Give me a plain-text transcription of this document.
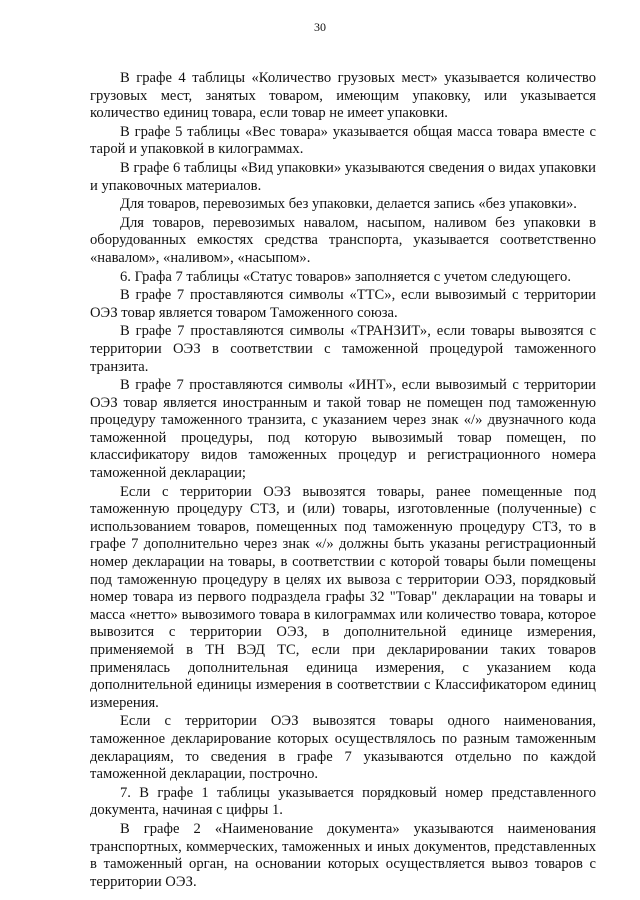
30

В графе 4 таблицы «Количество грузовых мест» указывается количество грузовых мест, занятых товаром, имеющим упаковку, или указывается количество единиц товара, если товар не имеет упаковки.

В графе 5 таблицы «Вес товара» указывается общая масса товара вместе с тарой и упаковкой в килограммах.

В графе 6 таблицы «Вид упаковки» указываются сведения о видах упаковки и упаковочных материалов.

Для товаров, перевозимых без упаковки, делается запись «без упаковки».

Для товаров, перевозимых навалом, насыпом, наливом без упаковки в оборудованных емкостях средства транспорта, указывается соответственно «навалом», «наливом», «насыпом».

6. Графа 7 таблицы «Статус товаров» заполняется с учетом следующего.

В графе 7 проставляются символы «ТТС», если вывозимый с территории ОЭЗ товар является товаром Таможенного союза.

В графе 7 проставляются символы «ТРАНЗИТ», если товары вывозятся с территории ОЭЗ в соответствии с таможенной процедурой таможенного транзита.

В графе 7 проставляются символы «ИНТ», если вывозимый с территории ОЭЗ товар является иностранным и такой товар не помещен под таможенную процедуру таможенного транзита, с указанием через знак «/» двузначного кода таможенной процедуры, под которую вывозимый товар помещен, по классификатору видов таможенных процедур и регистрационного номера таможенной декларации;

Если с территории ОЭЗ вывозятся товары, ранее помещенные под таможенную процедуру СТЗ, и (или) товары, изготовленные (полученные) с использованием товаров, помещенных под таможенную процедуру СТЗ, то в графе 7 дополнительно через знак «/» должны быть указаны регистрационный номер декларации на товары, в соответствии с которой товары были помещены под таможенную процедуру в целях их вывоза с территории ОЭЗ, порядковый номер товара из первого подраздела графы 32 "Товар" декларации на товары и масса «нетто» вывозимого товара в килограммах или количество товара, которое вывозится с территории ОЭЗ, в дополнительной единице измерения, применяемой в ТН ВЭД ТС, если при декларировании таких товаров применялась дополнительная единица измерения, с указанием кода дополнительной единицы измерения в соответствии с Классификатором единиц измерения.

Если с территории ОЭЗ вывозятся товары одного наименования, таможенное декларирование которых осуществлялось по разным таможенным декларациям, то сведения в графе 7 указываются отдельно по каждой таможенной декларации, построчно.

7. В графе 1 таблицы указывается порядковый номер представленного документа, начиная с цифры 1.

В графе 2 «Наименование документа» указываются наименования транспортных, коммерческих, таможенных и иных документов, представленных в таможенный орган, на основании которых осуществляется вывоз товаров с территории ОЭЗ.
